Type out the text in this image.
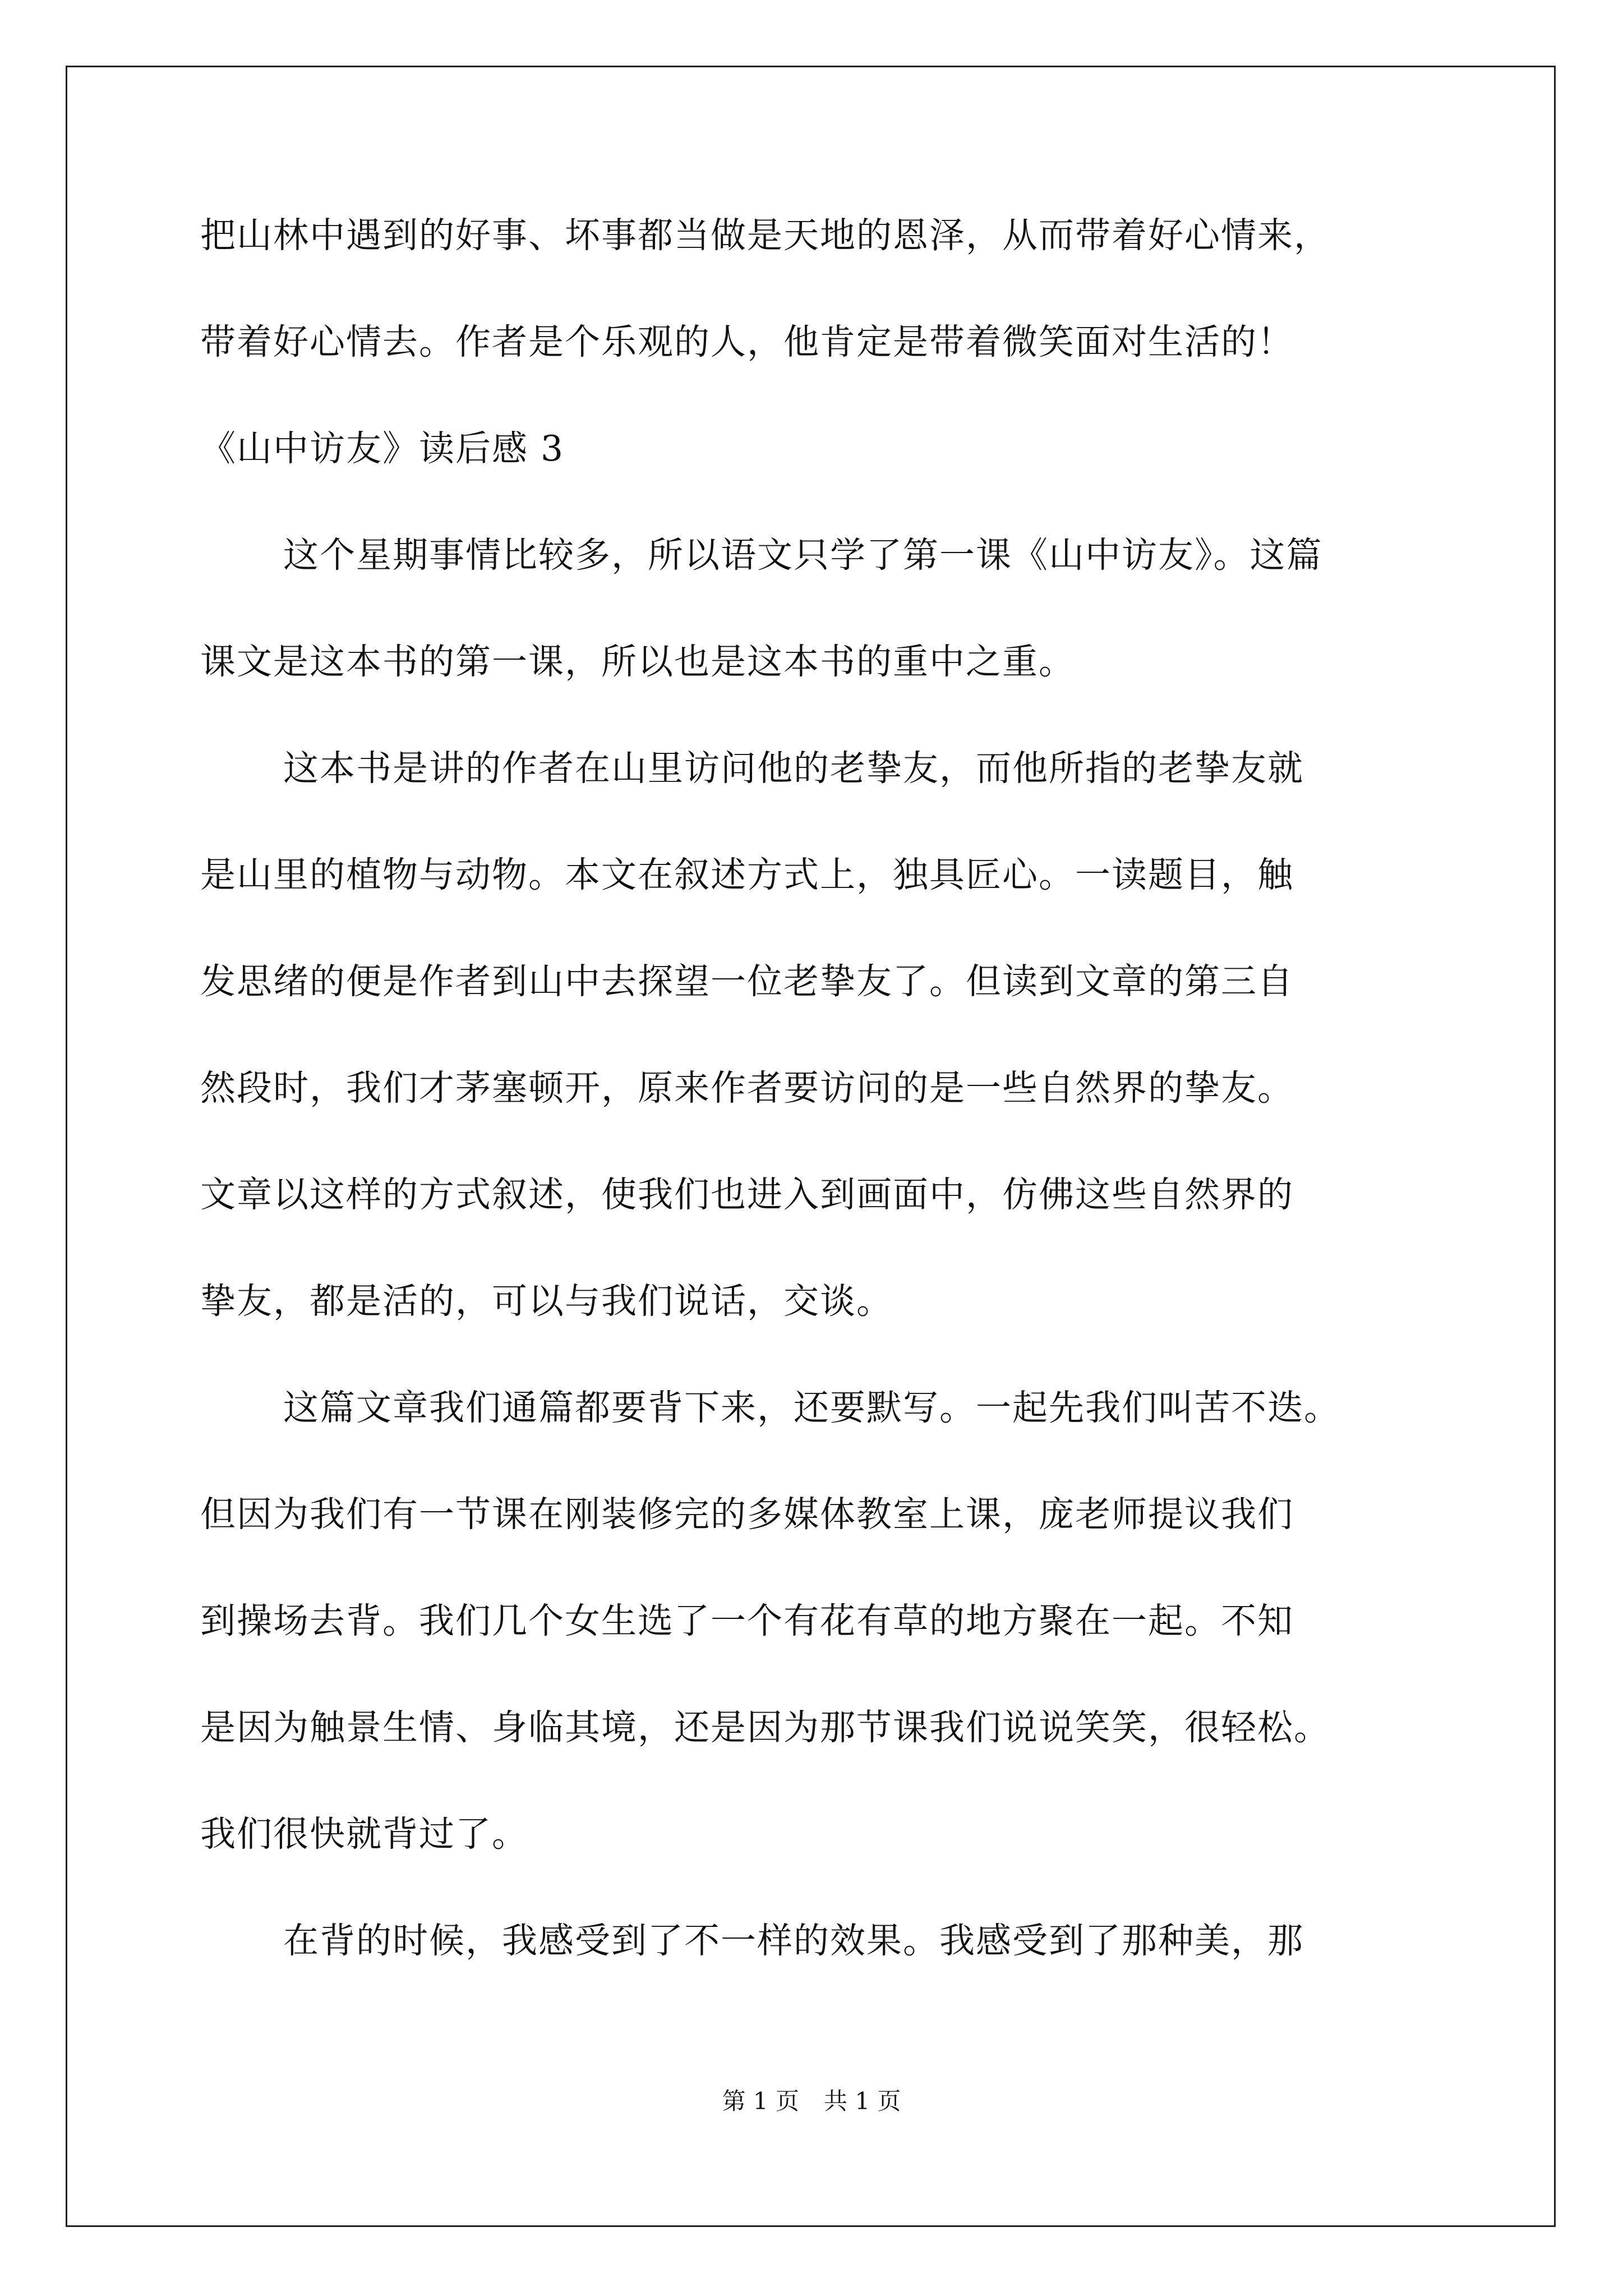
把山林中遇到的好事、坏事都当做是天地的恩泽，从而带着好心情来，
带着好心情去。作者是个乐观的人，他肯定是带着微笑面对生活的！
《山中访友》读后感 3
这个星期事情比较多，所以语文只学了第一课《山中访友》。这篇
课文是这本书的第一课，所以也是这本书的重中之重。
这本书是讲的作者在山里访问他的老挚友，而他所指的老挚友就
是山里的植物与动物。本文在叙述方式上，独具匠心。一读题目，触
发思绪的便是作者到山中去探望一位老挚友了。但读到文章的第三自
然段时，我们才茅塞顿开，原来作者要访问的是一些自然界的挚友。
文章以这样的方式叙述，使我们也进入到画面中，仿佛这些自然界的
挚友，都是活的，可以与我们说话，交谈。
这篇文章我们通篇都要背下来，还要默写。一起先我们叫苦不迭。
但因为我们有一节课在刚装修完的多媒体教室上课，庞老师提议我们
到操场去背。我们几个女生选了一个有花有草的地方聚在一起。不知
是因为触景生情、身临其境，还是因为那节课我们说说笑笑，很轻松。
我们很快就背过了。
在背的时候，我感受到了不一样的效果。我感受到了那种美，那
第 1 页 共 1 页
